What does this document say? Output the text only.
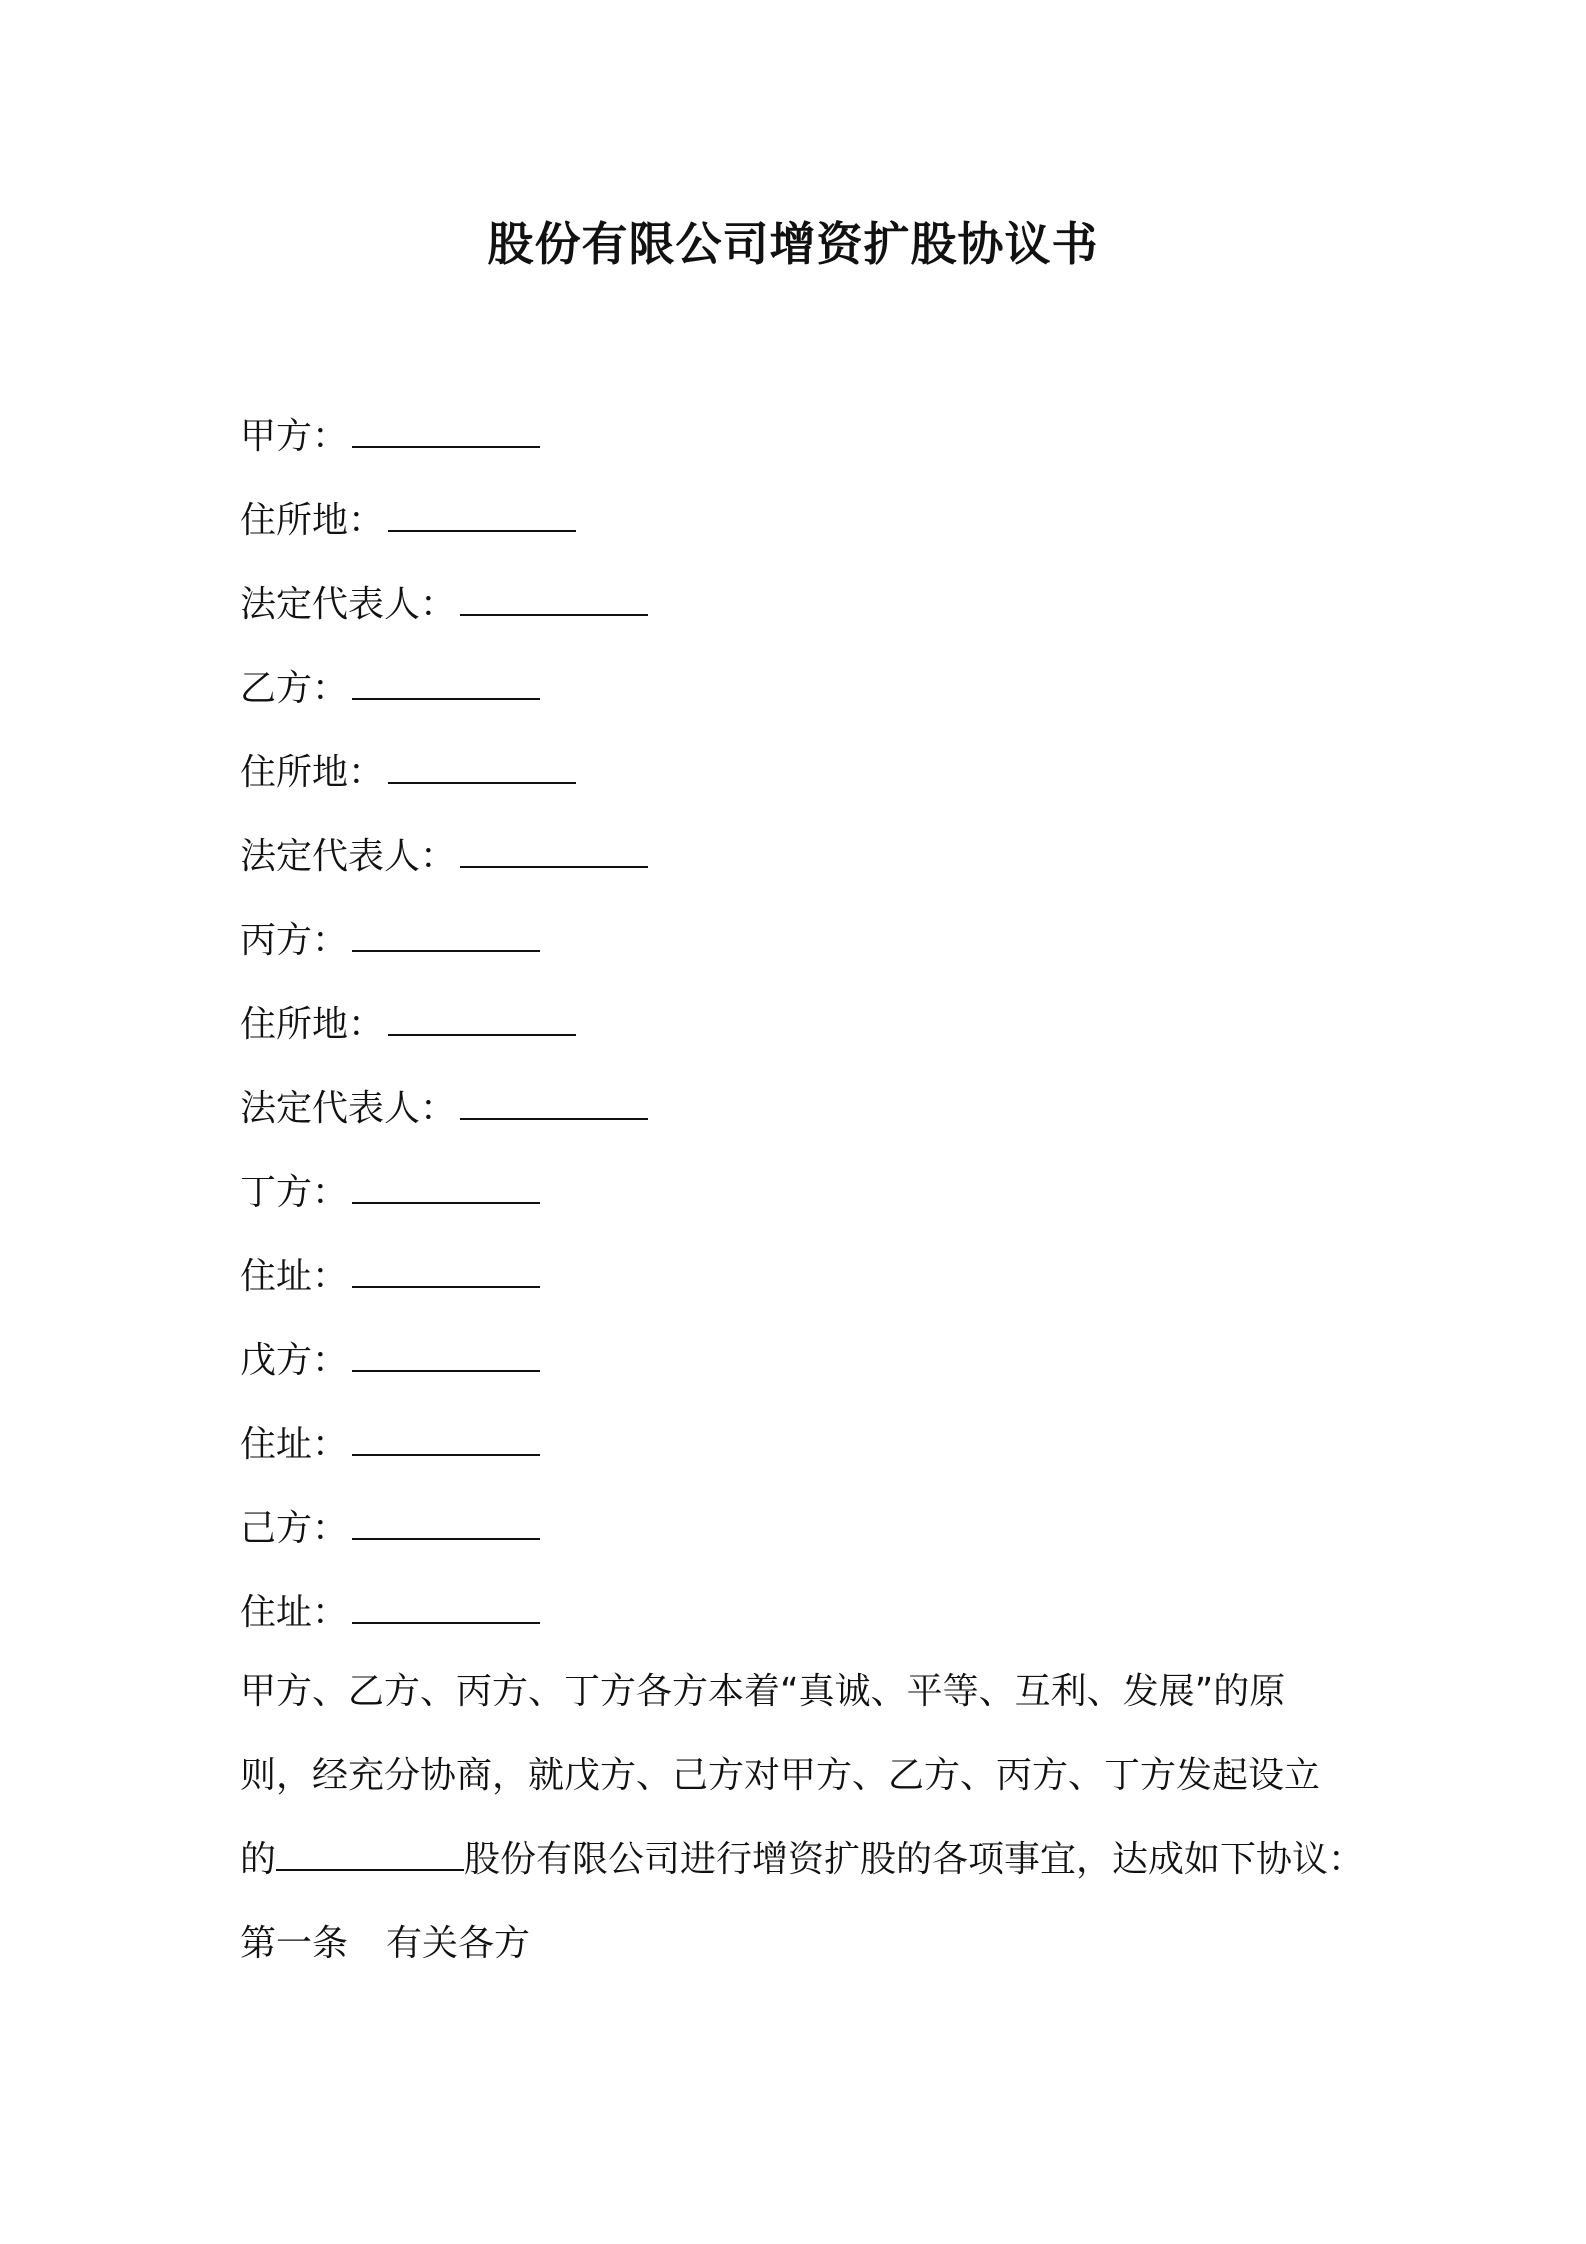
股份有限公司增资扩股协议书
甲方：
住所地：
法定代表人：
乙方：
住所地：
法定代表人：
丙方：
住所地：
法定代表人：
丁方：
住址：
戊方：
住址：
己方：
住址：
甲方、乙方、丙方、丁方各方本着“真诚、平等、互利、发展”的原
则，经充分协商，就戊方、己方对甲方、乙方、丙方、丁方发起设立
的	股份有限公司进行增资扩股的各项事宜，达成如下协议：
第一条 有关各方
